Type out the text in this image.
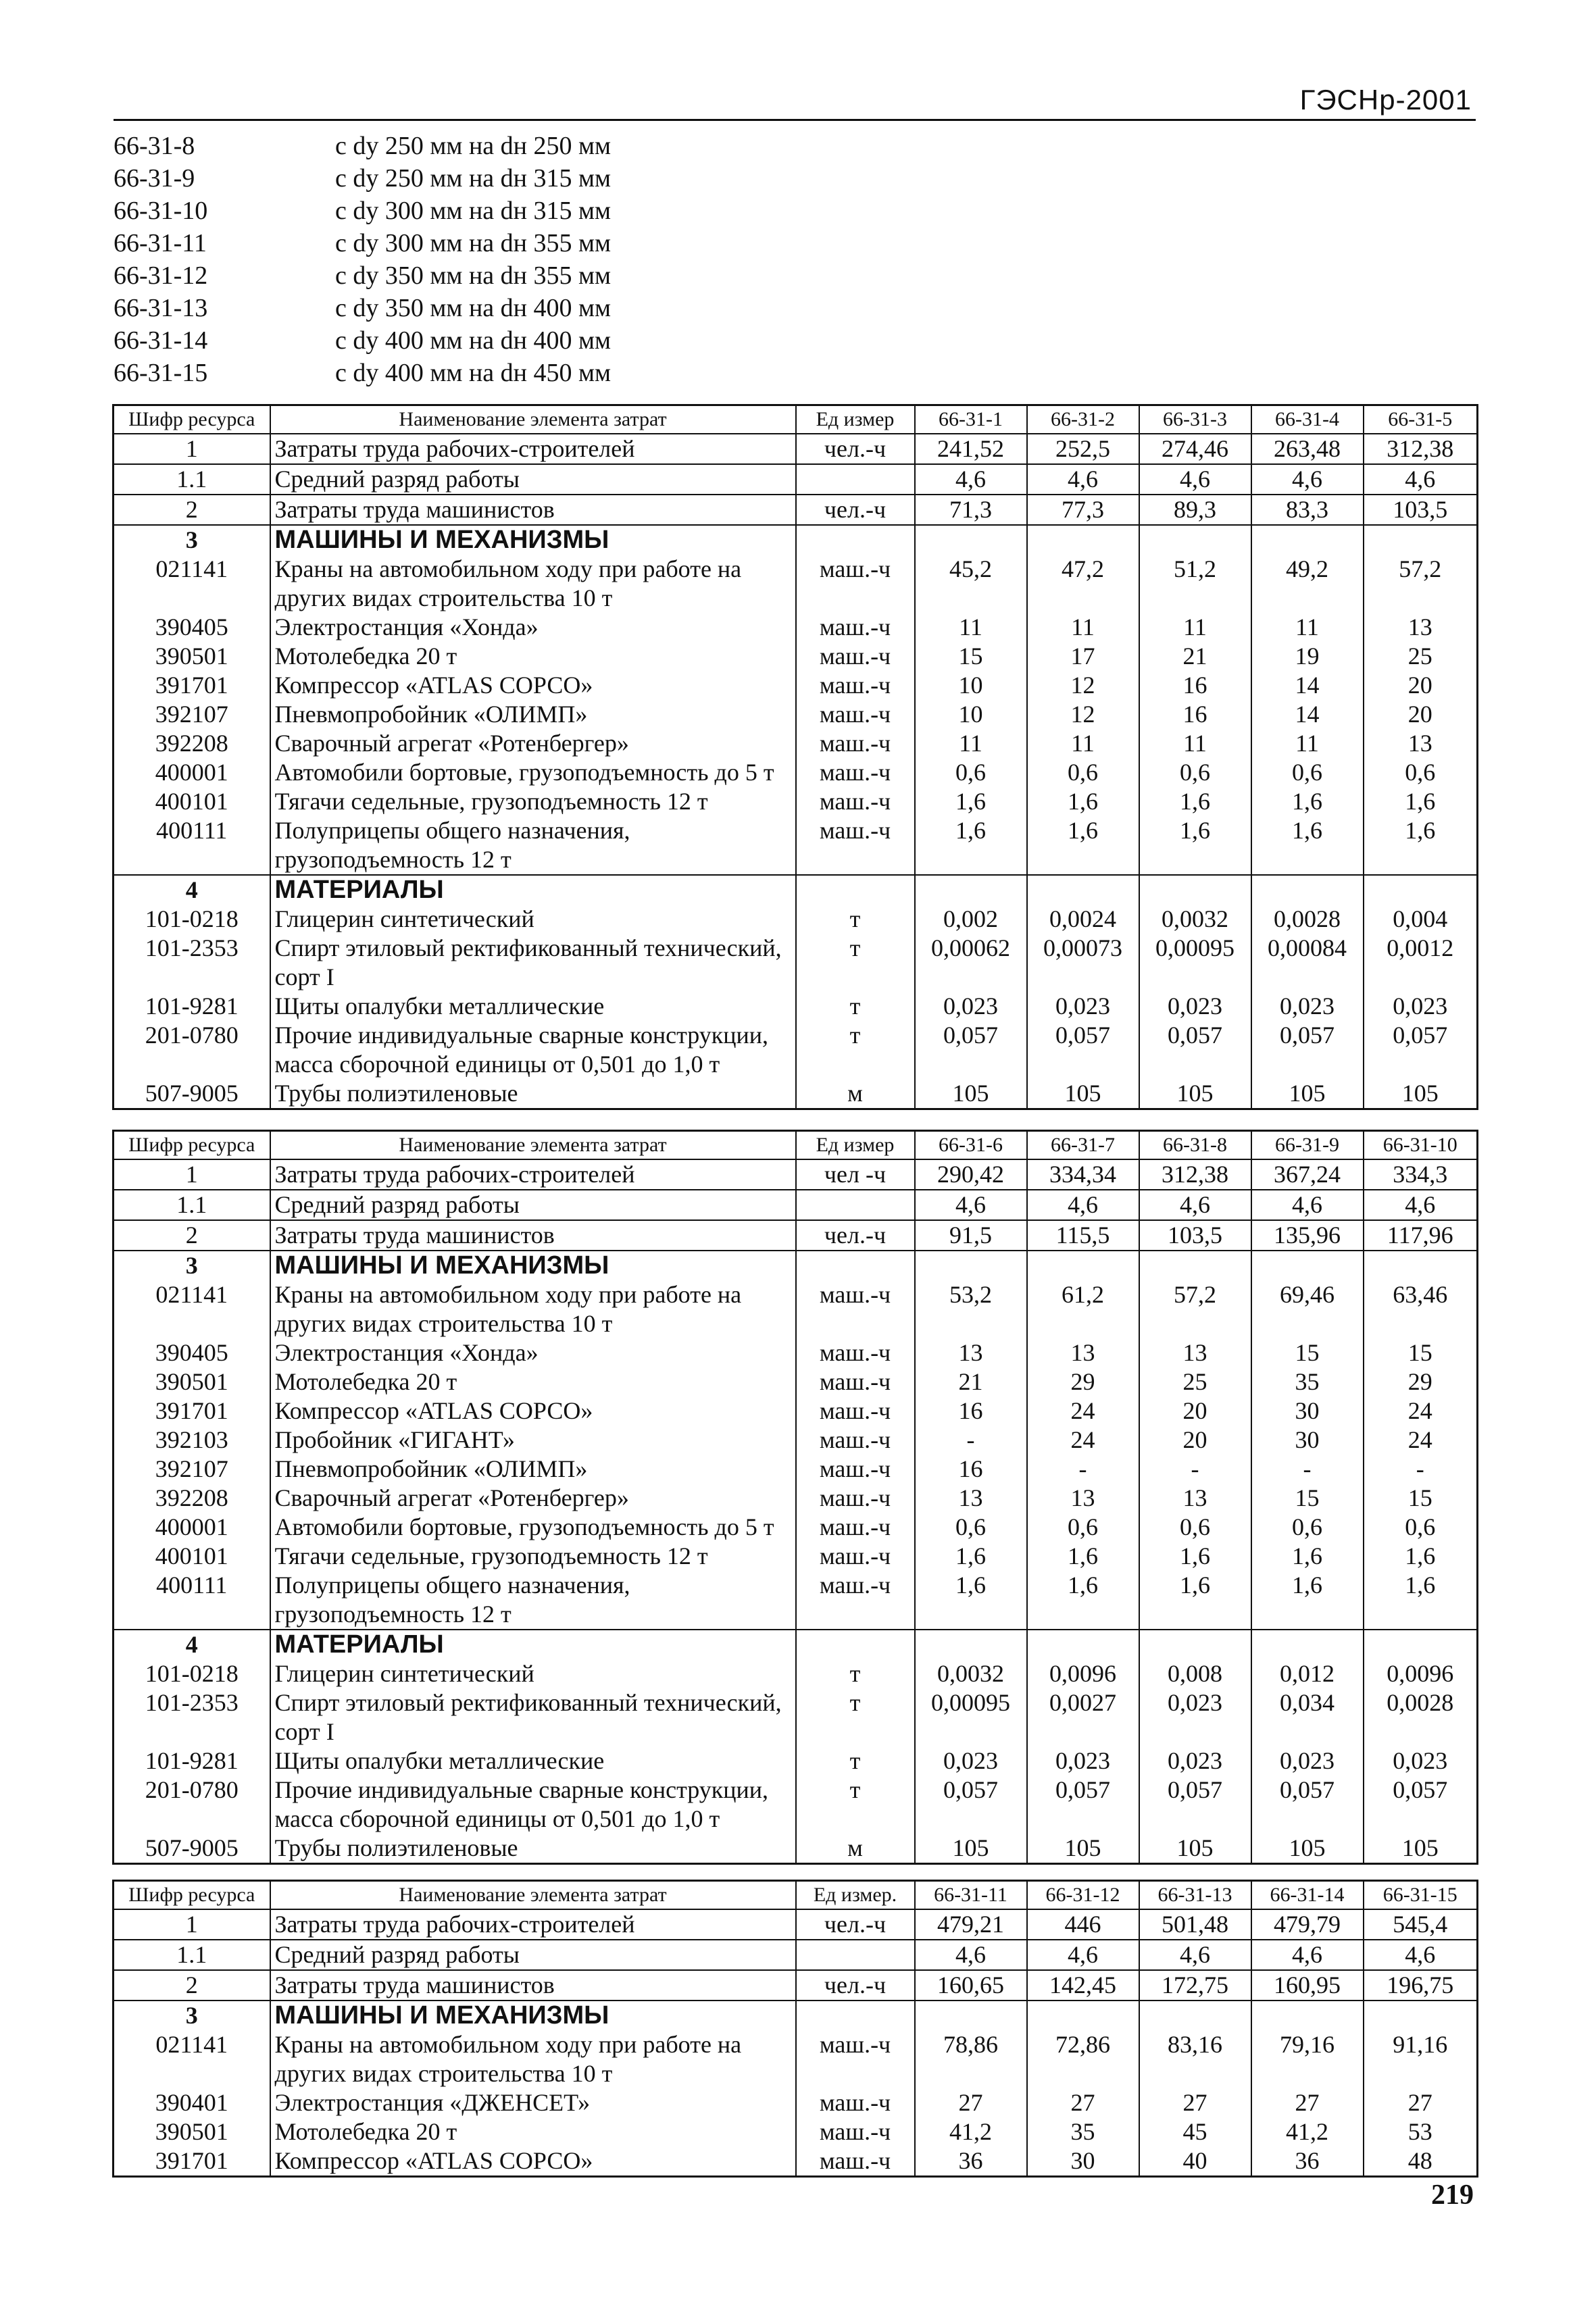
ГЭСНр-2001
66-31-8	с dy 250 мм на dн 250 мм
66-31-9	с dy 250 мм на dн 315 мм
66-31-10	с dy 300 мм на dн 315 мм
66-31-11	с dy 300 мм на dн 355 мм
66-31-12	с dy 350 мм на dн 355 мм
66-31-13	с dy 350 мм на dн 400 мм
66-31-14	с dy 400 мм на dн 400 мм
66-31-15	с dy 400 мм на dн 450 мм
Шифр ресурса	Наименование элемента затрат	Ед измер	66-31-1	66-31-2	66-31-3	66-31-4	66-31-5
1	Затраты труда рабочих-строителей	чел.-ч	241,52	252,5	274,46	263,48	312,38
1.1	Средний разряд работы		4,6	4,6	4,6	4,6	4,6
2	Затраты труда машинистов	чел.-ч	71,3	77,3	89,3	83,3	103,5
3	МАШИНЫ И МЕХАНИЗМЫ						
021141	Краны на автомобильном ходу при работе на других видах строительства 10 т	маш.-ч	45,2	47,2	51,2	49,2	57,2
390405	Электростанция «Хонда»	маш.-ч	11	11	11	11	13
390501	Мотолебедка 20 т	маш.-ч	15	17	21	19	25
391701	Компрессор «ATLAS СОРСО»	маш.-ч	10	12	16	14	20
392107	Пневмопробойник «ОЛИМП»	маш.-ч	10	12	16	14	20
392208	Сварочный агрегат «Ротенбергер»	маш.-ч	11	11	11	11	13
400001	Автомобили бортовые, грузоподъемность до 5 т	маш.-ч	0,6	0,6	0,6	0,6	0,6
400101	Тягачи седельные, грузоподъемность 12 т	маш.-ч	1,6	1,6	1,6	1,6	1,6
400111	Полуприцепы общего назначения, грузоподъемность 12 т	маш.-ч	1,6	1,6	1,6	1,6	1,6
4	МАТЕРИАЛЫ						
101-0218	Глицерин синтетический	т	0,002	0,0024	0,0032	0,0028	0,004
101-2353	Спирт этиловый ректификованный технический, сорт I	т	0,00062	0,00073	0,00095	0,00084	0,0012
101-9281	Щиты опалубки металлические	т	0,023	0,023	0,023	0,023	0,023
201-0780	Прочие индивидуальные сварные конструкции, масса сборочной единицы от 0,501 до 1,0 т	т	0,057	0,057	0,057	0,057	0,057
507-9005	Трубы полиэтиленовые	м	105	105	105	105	105
Шифр ресурса	Наименование элемента затрат	Ед измер	66-31-6	66-31-7	66-31-8	66-31-9	66-31-10
1	Затраты труда рабочих-строителей	чел -ч	290,42	334,34	312,38	367,24	334,3
1.1	Средний разряд работы		4,6	4,6	4,6	4,6	4,6
2	Затраты труда машинистов	чел.-ч	91,5	115,5	103,5	135,96	117,96
3	МАШИНЫ И МЕХАНИЗМЫ						
021141	Краны на автомобильном ходу при работе на других видах строительства 10 т	маш.-ч	53,2	61,2	57,2	69,46	63,46
390405	Электростанция «Хонда»	маш.-ч	13	13	13	15	15
390501	Мотолебедка 20 т	маш.-ч	21	29	25	35	29
391701	Компрессор «ATLAS СОРСО»	маш.-ч	16	24	20	30	24
392103	Пробойник «ГИГАНТ»	маш.-ч	-	24	20	30	24
392107	Пневмопробойник «ОЛИМП»	маш.-ч	16	-	-	-	-
392208	Сварочный агрегат «Ротенбергер»	маш.-ч	13	13	13	15	15
400001	Автомобили бортовые, грузоподъемность до 5 т	маш.-ч	0,6	0,6	0,6	0,6	0,6
400101	Тягачи седельные, грузоподъемность 12 т	маш.-ч	1,6	1,6	1,6	1,6	1,6
400111	Полуприцепы общего назначения, грузоподъемность 12 т	маш.-ч	1,6	1,6	1,6	1,6	1,6
4	МАТЕРИАЛЫ						
101-0218	Глицерин синтетический	т	0,0032	0,0096	0,008	0,012	0,0096
101-2353	Спирт этиловый ректификованный технический, сорт I	т	0,00095	0,0027	0,023	0,034	0,0028
101-9281	Щиты опалубки металлические	т	0,023	0,023	0,023	0,023	0,023
201-0780	Прочие индивидуальные сварные конструкции, масса сборочной единицы от 0,501 до 1,0 т	т	0,057	0,057	0,057	0,057	0,057
507-9005	Трубы полиэтиленовые	м	105	105	105	105	105
Шифр ресурса	Наименование элемента затрат	Ед измер.	66-31-11	66-31-12	66-31-13	66-31-14	66-31-15
1	Затраты труда рабочих-строителей	чел.-ч	479,21	446	501,48	479,79	545,4
1.1	Средний разряд работы		4,6	4,6	4,6	4,6	4,6
2	Затраты труда машинистов	чел.-ч	160,65	142,45	172,75	160,95	196,75
3	МАШИНЫ И МЕХАНИЗМЫ						
021141	Краны на автомобильном ходу при работе на других видах строительства 10 т	маш.-ч	78,86	72,86	83,16	79,16	91,16
390401	Электростанция «ДЖЕНСЕТ»	маш.-ч	27	27	27	27	27
390501	Мотолебедка 20 т	маш.-ч	41,2	35	45	41,2	53
391701	Компрессор «ATLAS СОРСО»	маш.-ч	36	30	40	36	48
219
